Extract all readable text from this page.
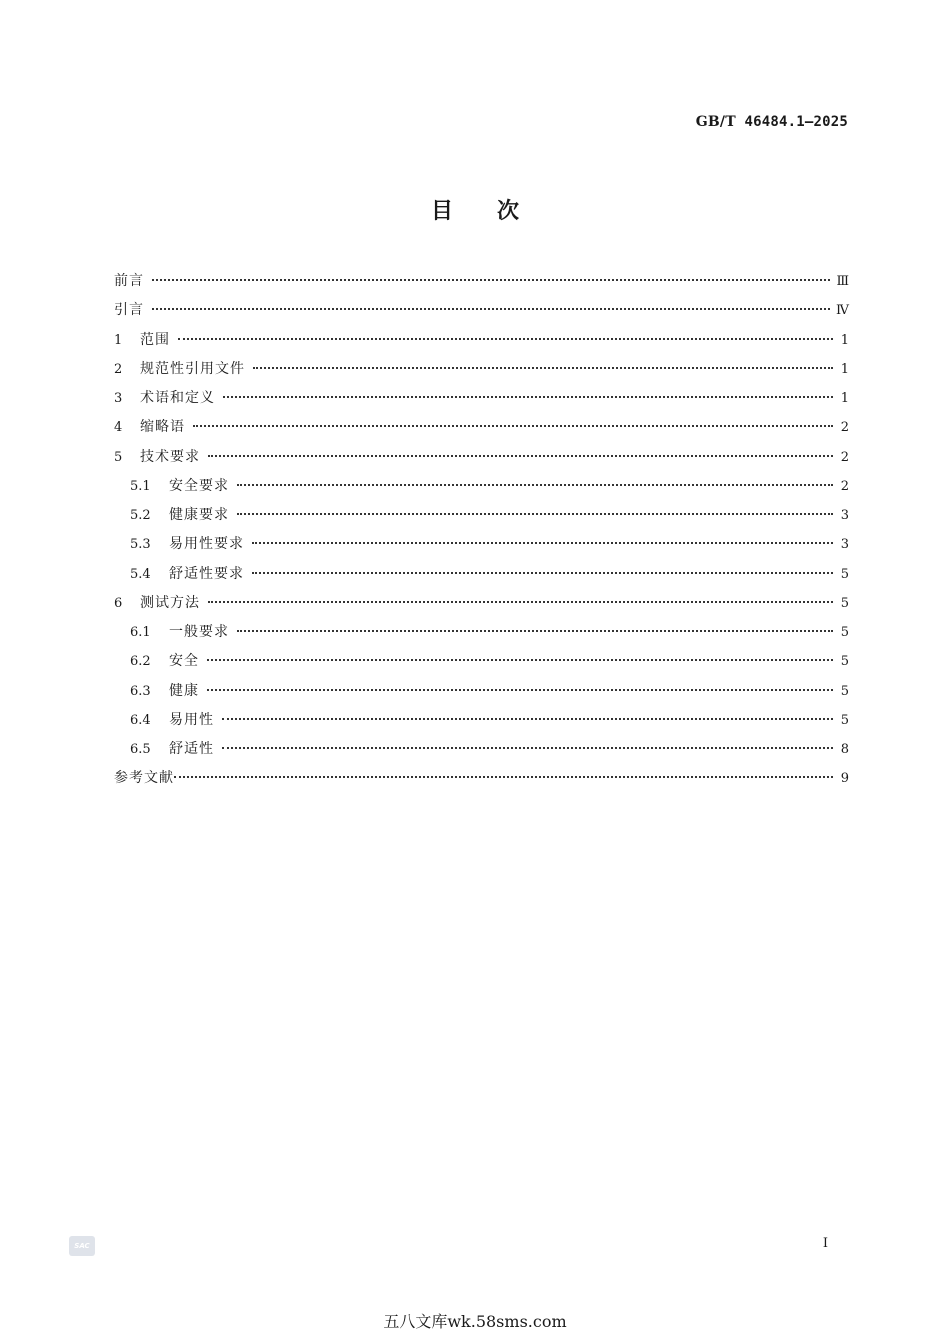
GB/T 46484.1—2025
目次
前言	Ⅲ
引言	Ⅳ
1	范围	1
2	规范性引用文件	1
3	术语和定义	1
4	缩略语	2
5	技术要求	2
5.1	安全要求	2
5.2	健康要求	3
5.3	易用性要求	3
5.4	舒适性要求	5
6	测试方法	5
6.1	一般要求	5
6.2	安全	5
6.3	健康	5
6.4	易用性	5
6.5	舒适性	8
参考文献	9
SAC	I
五八文库wk.58sms.com
